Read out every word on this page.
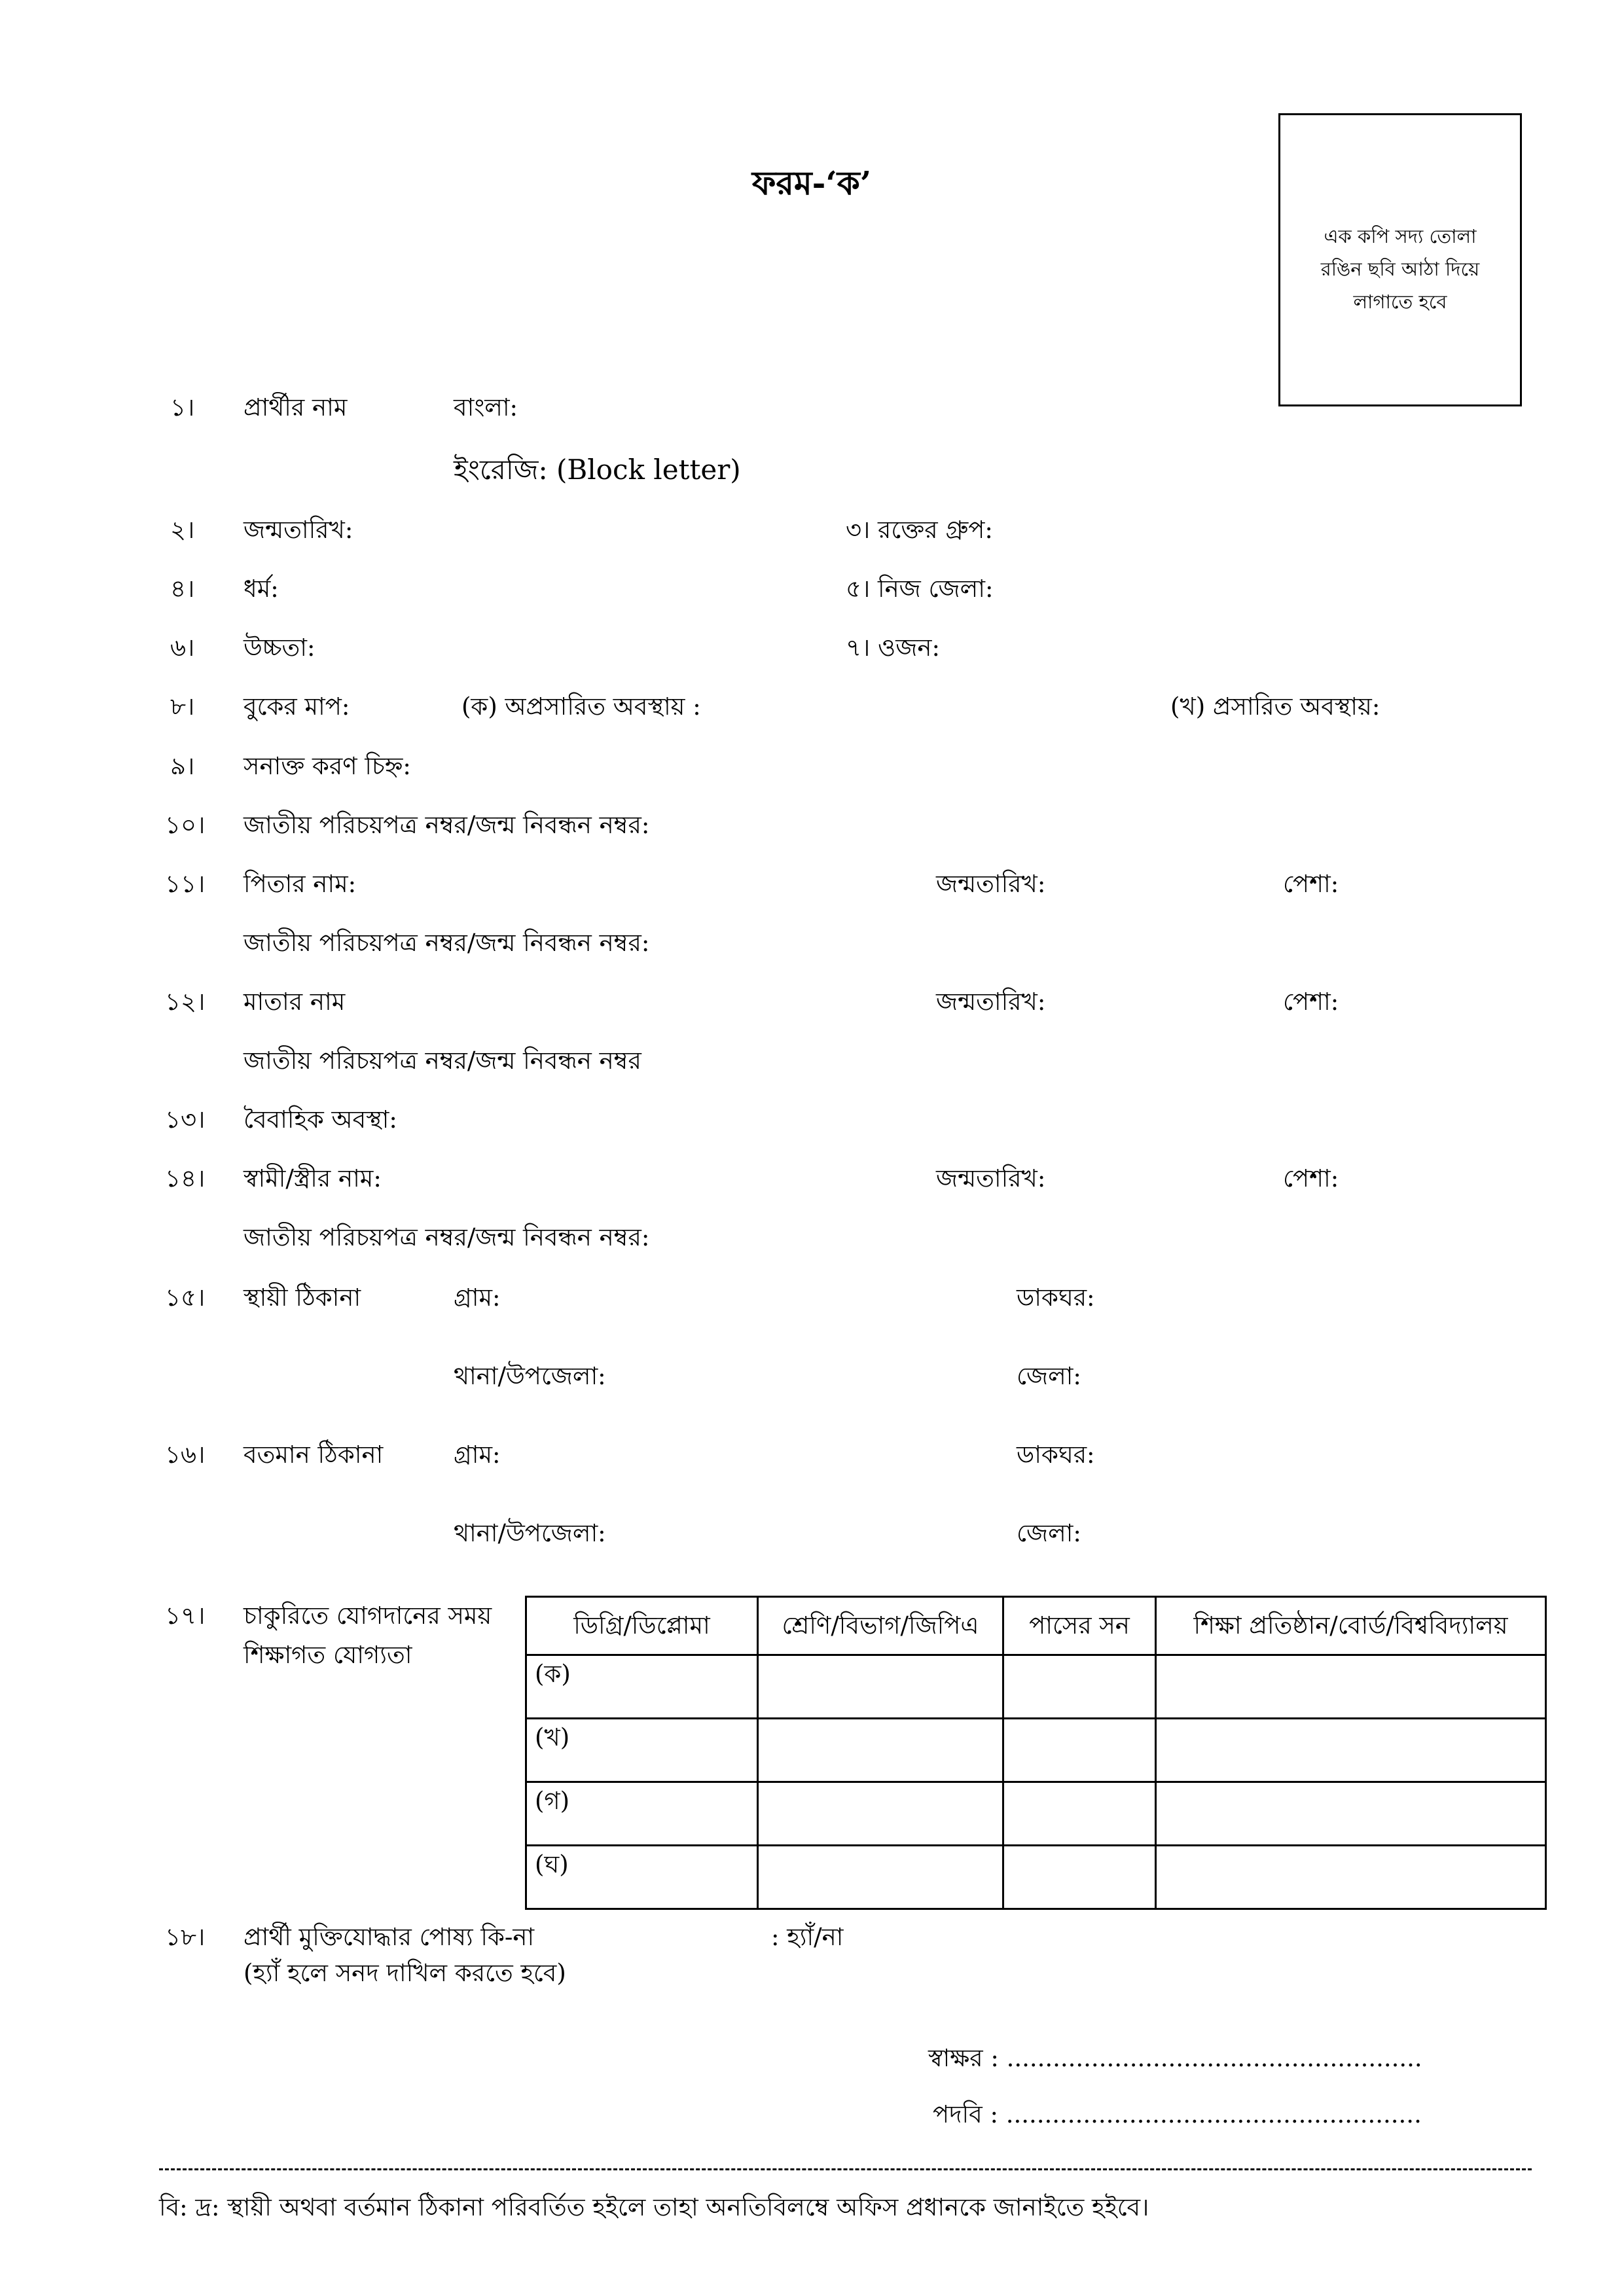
ফরম-‘ক’
এক কপি সদ্য তোলা
রঙিন ছবি আঠা দিয়ে
লাগাতে হবে
১। প্রার্থীর নাম	বাংলা:
ইংরেজি: (Block letter)
২। জন্মতারিখ:	৩। রক্তের গ্রুপ:
৪। ধর্ম:	৫। নিজ জেলা:
৬। উচ্চতা:	৭। ওজন:
৮। বুকের মাপ:	(ক) অপ্রসারিত অবস্থায় :	(খ) প্রসারিত অবস্থায়:
৯। সনাক্ত করণ চিহ্ন:
১০। জাতীয় পরিচয়পত্র নম্বর/জন্ম নিবন্ধন নম্বর:
১১। পিতার নাম:	জন্মতারিখ:	পেশা:
জাতীয় পরিচয়পত্র নম্বর/জন্ম নিবন্ধন নম্বর:
১২। মাতার নাম	জন্মতারিখ:	পেশা:
জাতীয় পরিচয়পত্র নম্বর/জন্ম নিবন্ধন নম্বর
১৩। বৈবাহিক অবস্থা:
১৪। স্বামী/স্ত্রীর নাম:	জন্মতারিখ:	পেশা:
জাতীয় পরিচয়পত্র নম্বর/জন্ম নিবন্ধন নম্বর:
১৫। স্থায়ী ঠিকানা	গ্রাম:	ডাকঘর:
থানা/উপজেলা:	জেলা:
১৬। বতমান ঠিকানা	গ্রাম:	ডাকঘর:
থানা/উপজেলা:	জেলা:
১৭। চাকুরিতে যোগদানের সময়
শিক্ষাগত যোগ্যতা
ডিগ্রি/ডিপ্লোমা	শ্রেণি/বিভাগ/জিপিএ	পাসের সন	শিক্ষা প্রতিষ্ঠান/বোর্ড/বিশ্ববিদ্যালয়
(ক)			
(খ)			
(গ)			
(ঘ)			
১৮। প্রার্থী মুক্তিযোদ্ধার পোষ্য কি-না
(হ্যাঁ হলে সনদ দাখিল করতে হবে)
: হ্যাঁ/না
স্বাক্ষর : ......................................................
পদবি : ......................................................
বি: দ্র: স্থায়ী অথবা বর্তমান ঠিকানা পরিবর্তিত হইলে তাহা অনতিবিলম্বে অফিস প্রধানকে জানাইতে হইবে।
